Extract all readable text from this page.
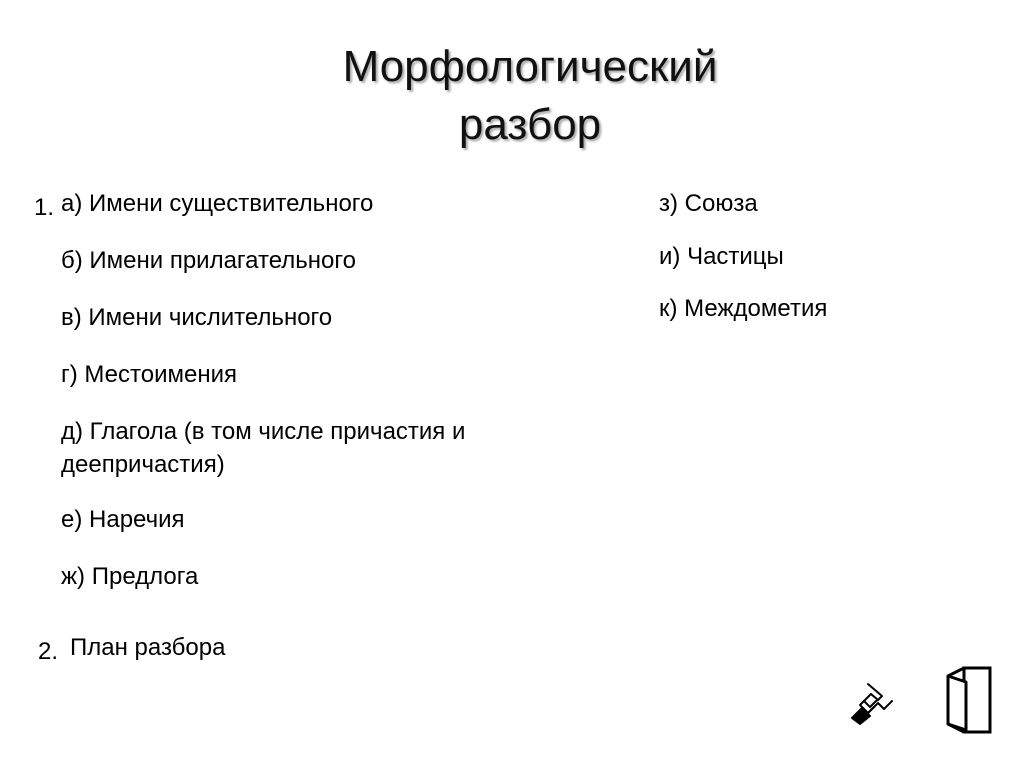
Морфологический
разбор
1. а) Имени существительного
б) Имени прилагательного
в) Имени числительного
г) Местоимения
д) Глагола (в том числе причастия и
деепричастия)
е) Наречия
ж) Предлога
з) Союза
и) Частицы
к) Междометия
2. План разбора
